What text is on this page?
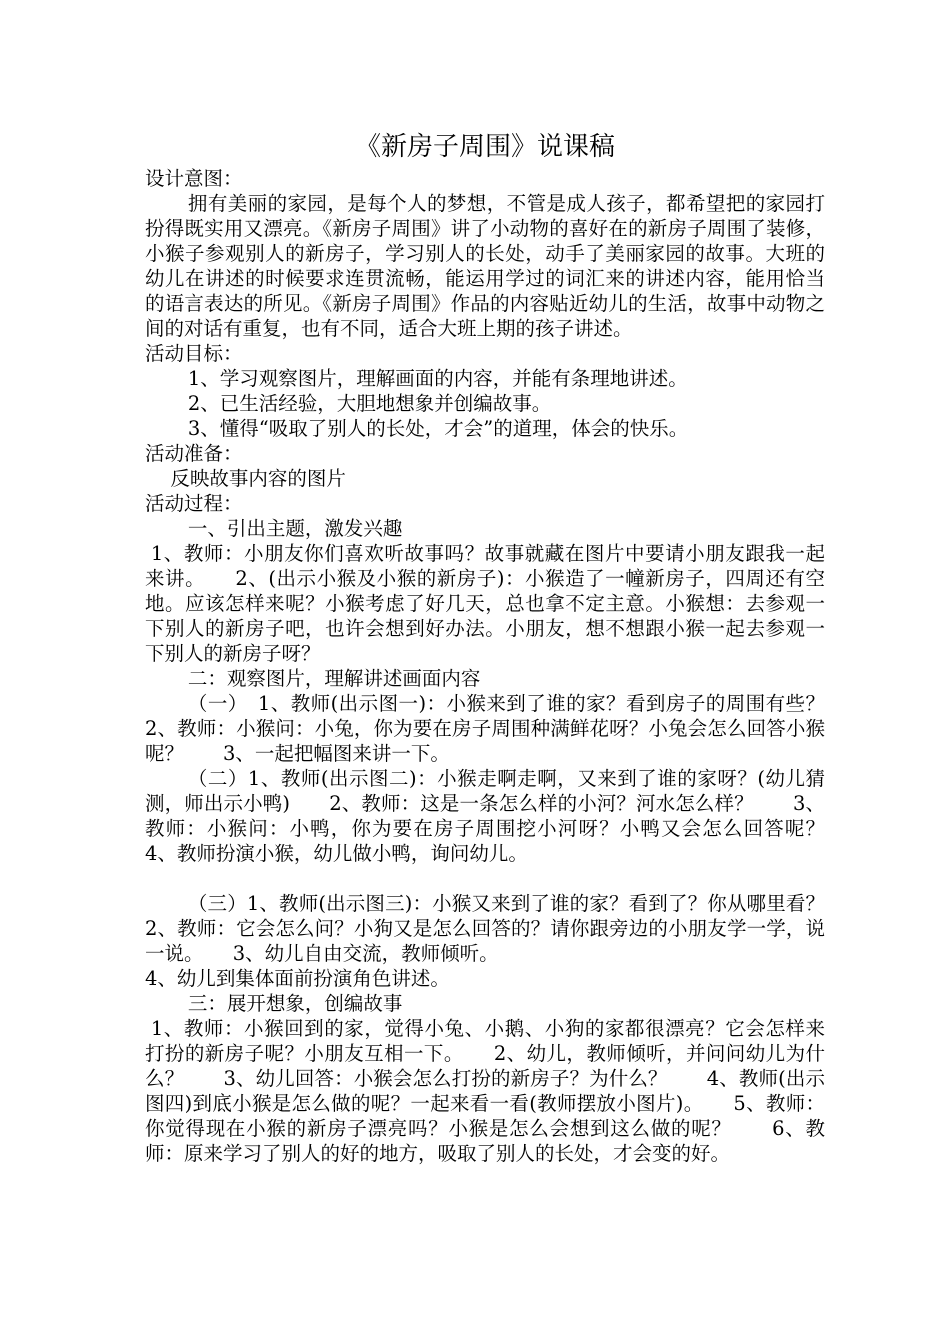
《新房子周围》说课稿

设计意图：

拥有美丽的家园，是每个人的梦想，不管是成人孩子，都希望把的家园打扮得既实用又漂亮。《新房子周围》讲了小动物的喜好在的新房子周围了装修，小猴子参观别人的新房子，学习别人的长处，动手了美丽家园的故事。大班的幼儿在讲述的时候要求连贯流畅，能运用学过的词汇来的讲述内容，能用恰当的语言表达的所见。《新房子周围》作品的内容贴近幼儿的生活，故事中动物之间的对话有重复，也有不同，适合大班上期的孩子讲述。

活动目标：

1、学习观察图片，理解画面的内容，并能有条理地讲述。

2、已生活经验，大胆地想象并创编故事。

3、懂得“吸取了别人的长处，才会”的道理，体会的快乐。

活动准备：

反映故事内容的图片

活动过程：

一、引出主题，激发兴趣

1、教师：小朋友你们喜欢听故事吗？故事就藏在图片中要请小朋友跟我一起来讲。　　2、(出示小猴及小猴的新房子)：小猴造了一幢新房子，四周还有空地。应该怎样来呢？小猴考虑了好几天，总也拿不定主意。小猴想：去参观一下别人的新房子吧，也许会想到好办法。小朋友，想不想跟小猴一起去参观一下别人的新房子呀？

二：观察图片，理解讲述画面内容

（一）　1、教师(出示图一)：小猴来到了谁的家？看到房子的周围有些？　　2、教师：小猴问：小兔，你为要在房子周围种满鲜花呀？小兔会怎么回答小猴呢？　　3、一起把幅图来讲一下。

（二）1、教师(出示图二)：小猴走啊走啊，又来到了谁的家呀？(幼儿猜测，师出示小鸭)　　2、教师：这是一条怎么样的小河？河水怎么样？　　3、教师：小猴问：小鸭，你为要在房子周围挖小河呀？小鸭又会怎么回答呢？　　4、教师扮演小猴，幼儿做小鸭，询问幼儿。

（三）1、教师(出示图三)：小猴又来到了谁的家？看到了？你从哪里看？　　2、教师：它会怎么问？小狗又是怎么回答的？请你跟旁边的小朋友学一学，说一说。　　3、幼儿自由交流，教师倾听。

4、幼儿到集体面前扮演角色讲述。

三：展开想象，创编故事

1、教师：小猴回到的家，觉得小兔、小鹅、小狗的家都很漂亮？它会怎样来打扮的新房子呢？小朋友互相一下。　　2、幼儿，教师倾听，并问问幼儿为什么？　　3、幼儿回答：小猴会怎么打扮的新房子？为什么？　　4、教师(出示图四)到底小猴是怎么做的呢？一起来看一看(教师摆放小图片)。　　5、教师：你觉得现在小猴的新房子漂亮吗？小猴是怎么会想到这么做的呢？　　6、教师：原来学习了别人的好的地方，吸取了别人的长处，才会变的好。
